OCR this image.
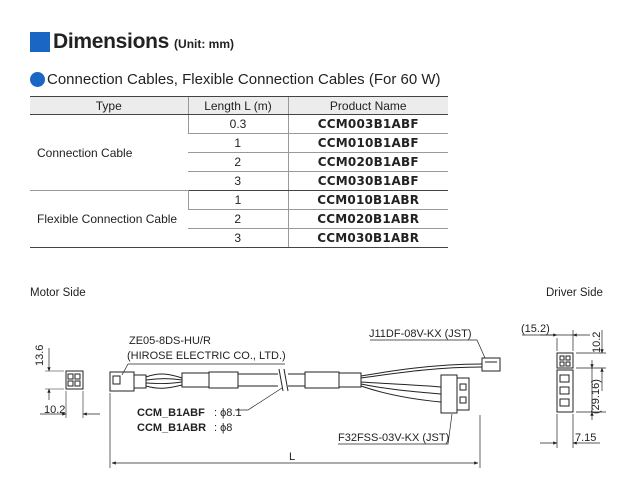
Dimensions (Unit: mm)
Connection Cables, Flexible Connection Cables (For 60 W)
Type	Length L (m)	Product Name
Connection Cable	0.3	CCM003B1ABF
	1	CCM010B1ABF
	2	CCM020B1ABF
	3	CCM030B1ABF
Flexible Connection Cable	1	CCM010B1ABR
	2	CCM020B1ABR
	3	CCM030B1ABR
Motor Side	Driver Side
13.6
10.2
ZE05-8DS-HU/R
(HIROSE ELECTRIC CO., LTD.)
J11DF-08V-KX (JST)
F32FSS-03V-KX (JST)
CCM_B1ABF : ϕ8.1
CCM_B1ABR : ϕ8
L
(15.2)
10.2
(29.16)
7.15
